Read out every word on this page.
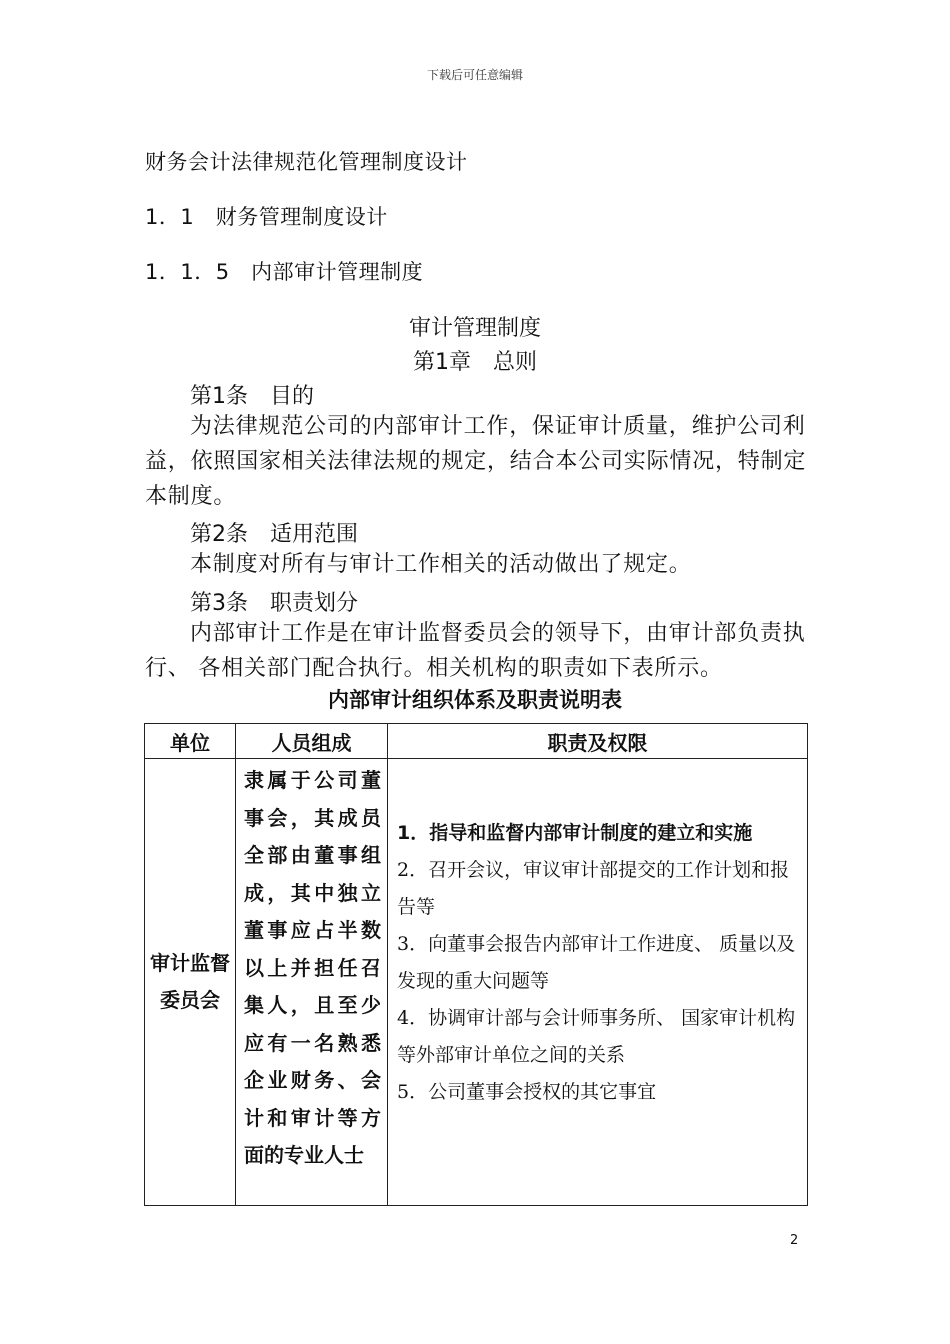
下载后可任意编辑
财务会计法律规范化管理制度设计
1．1　财务管理制度设计
1．1．5　内部审计管理制度
审计管理制度
第1章　总则
第1条　目的
为法律规范公司的内部审计工作，保证审计质量，维护公司利益，依照国家相关法律法规的规定，结合本公司实际情况，特制定本制度。
第2条　适用范围
本制度对所有与审计工作相关的活动做出了规定。
第3条　职责划分
内部审计工作是在审计监督委员会的领导下，由审计部负责执行、 各相关部门配合执行。相关机构的职责如下表所示。
内部审计组织体系及职责说明表
单位	人员组成	职责及权限
审计监督委员会	隶属于公司董事会，其成员全部由董事组成，其中独立董事应占半数以上并担任召集人，且至少应有一名熟悉企业财务、会计和审计等方面的专业人士	1．指导和监督内部审计制度的建立和实施

2．召开会议，审议审计部提交的工作计划和报告等

3．向董事会报告内部审计工作进度、 质量以及发现的重大问题等

4．协调审计部与会计师事务所、 国家审计机构等外部审计单位之间的关系

5．公司董事会授权的其它事宜

2
